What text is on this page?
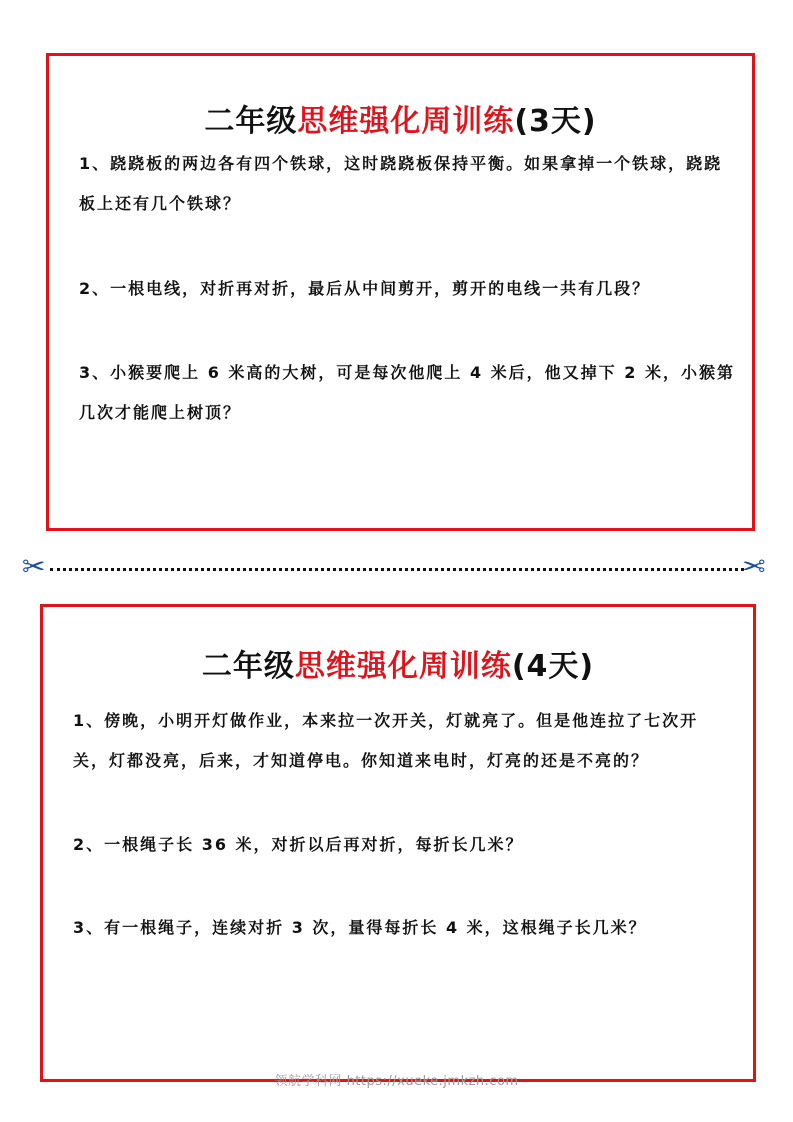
二年级思维强化周训练(3天)

1、跷跷板的两边各有四个铁球，这时跷跷板保持平衡。如果拿掉一个铁球，跷跷板上还有几个铁球？

2、一根电线，对折再对折，最后从中间剪开，剪开的电线一共有几段？

3、小猴要爬上 6 米高的大树，可是每次他爬上 4 米后，他又掉下 2 米，小猴第几次才能爬上树顶？

✂	✂
二年级思维强化周训练(4天)

1、傍晚，小明开灯做作业，本来拉一次开关，灯就亮了。但是他连拉了七次开关，灯都没亮，后来，才知道停电。你知道来电时，灯亮的还是不亮的？

2、一根绳子长 36 米，对折以后再对折，每折长几米？

3、有一根绳子，连续对折 3 次，量得每折长 4 米，这根绳子长几米？

领航学科网 https://xueke.jmkzh.com
